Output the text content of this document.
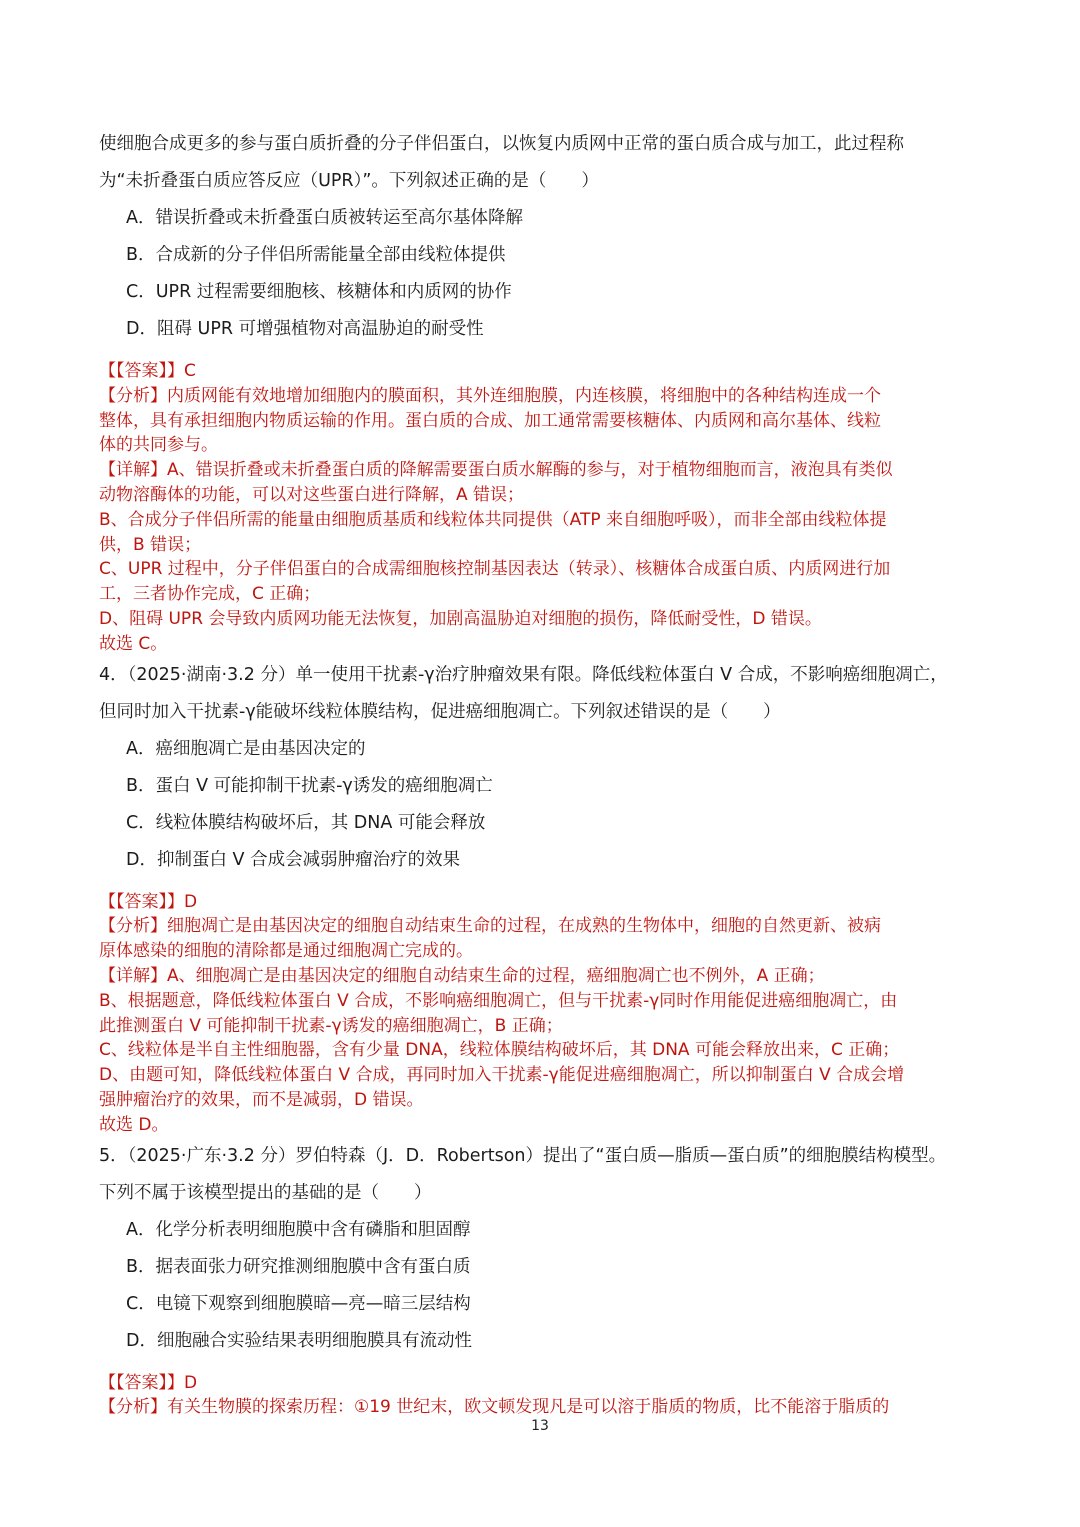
使细胞合成更多的参与蛋白质折叠的分子伴侣蛋白，以恢复内质网中正常的蛋白质合成与加工，此过程称
为“未折叠蛋白质应答反应（UPR）”。下列叙述正确的是（　　）
A．错误折叠或未折叠蛋白质被转运至高尔基体降解
B．合成新的分子伴侣所需能量全部由线粒体提供
C．UPR 过程需要细胞核、核糖体和内质网的协作
D．阻碍 UPR 可增强植物对高温胁迫的耐受性
【【答案】】C
【分析】内质网能有效地增加细胞内的膜面积，其外连细胞膜，内连核膜，将细胞中的各种结构连成一个
整体，具有承担细胞内物质运输的作用。蛋白质的合成、加工通常需要核糖体、内质网和高尔基体、线粒
体的共同参与。
【详解】A、错误折叠或未折叠蛋白质的降解需要蛋白质水解酶的参与，对于植物细胞而言，液泡具有类似
动物溶酶体的功能，可以对这些蛋白进行降解，A 错误；
B、合成分子伴侣所需的能量由细胞质基质和线粒体共同提供（ATP 来自细胞呼吸），而非全部由线粒体提
供，B 错误；
C、UPR 过程中，分子伴侣蛋白的合成需细胞核控制基因表达（转录）、核糖体合成蛋白质、内质网进行加
工，三者协作完成，C 正确；
D、阻碍 UPR 会导致内质网功能无法恢复，加剧高温胁迫对细胞的损伤，降低耐受性，D 错误。
故选 C。
4．（2025·湖南·3.2 分）单一使用干扰素-γ治疗肿瘤效果有限。降低线粒体蛋白 V 合成，不影响癌细胞凋亡，
但同时加入干扰素-γ能破坏线粒体膜结构，促进癌细胞凋亡。下列叙述错误的是（　　）
A．癌细胞凋亡是由基因决定的
B．蛋白 V 可能抑制干扰素-γ诱发的癌细胞凋亡
C．线粒体膜结构破坏后，其 DNA 可能会释放
D．抑制蛋白 V 合成会减弱肿瘤治疗的效果
【【答案】】D
【分析】细胞凋亡是由基因决定的细胞自动结束生命的过程，在成熟的生物体中，细胞的自然更新、被病
原体感染的细胞的清除都是通过细胞凋亡完成的。
【详解】A、细胞凋亡是由基因决定的细胞自动结束生命的过程，癌细胞凋亡也不例外，A 正确；
B、根据题意，降低线粒体蛋白 V 合成，不影响癌细胞凋亡，但与干扰素-γ同时作用能促进癌细胞凋亡，由
此推测蛋白 V 可能抑制干扰素-γ诱发的癌细胞凋亡，B 正确；
C、线粒体是半自主性细胞器，含有少量 DNA，线粒体膜结构破坏后，其 DNA 可能会释放出来，C 正确；
D、由题可知，降低线粒体蛋白 V 合成，再同时加入干扰素-γ能促进癌细胞凋亡，所以抑制蛋白 V 合成会增
强肿瘤治疗的效果，而不是减弱，D 错误。
故选 D。
5．（2025·广东·3.2 分）罗伯特森（J．D．Robertson）提出了“蛋白质—脂质—蛋白质”的细胞膜结构模型。
下列不属于该模型提出的基础的是（　　）
A．化学分析表明细胞膜中含有磷脂和胆固醇
B．据表面张力研究推测细胞膜中含有蛋白质
C．电镜下观察到细胞膜暗—亮—暗三层结构
D．细胞融合实验结果表明细胞膜具有流动性
【【答案】】D
【分析】有关生物膜的探索历程：①19 世纪末，欧文顿发现凡是可以溶于脂质的物质，比不能溶于脂质的
13
